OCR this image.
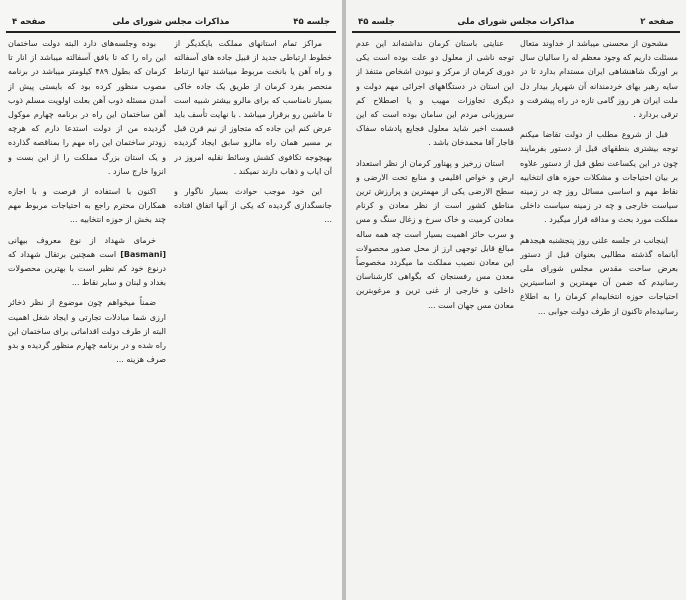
جلسه ۴۵
مذاکرات مجلس شورای ملی
صفحه ۴

مراکز تمام استانهای مملکت بایکدیگر از خطوط ارتباطی جدید از قبیل جاده های آسفالته و راه آهن یا بانخت مربوط میباشند تنها ارتباط منحصر بفرد کرمان از طریق یک جاده خاکی بسیار نامناسب که برای مالرو بیشتر شبیه است تا ماشین رو برقرار میباشد . با نهایت تأسف باید عرض کنم این جاده که متجاوز از نیم قرن قبل بر مسیر همان راه مالرو سابق ایجاد گردیده بهیچوجه تکافوی کشش وسائط نقلیه امروز در آن ایاب و ذهاب دارند نمیکند .

این خود موجب حوادث بسیار ناگوار و جانسگدازی گردیده که یکی از آنها اتفاق افتاده ...

بوده وجلسه‌های دارد البته دولت ساختمان این راه را که تا بافق آسفالته میباشد از انار تا کرمان که بطول ۴۸۹ کیلومتر میباشد در برنامه مصوب منظور کرده بود که بایستی پیش از آمدن مسئله ذوب آهن بعلت اولویت مسلم ذوب آهن ساختمان این راه در برنامه چهارم موکول گردیده من از دولت استدعا دارم که هرچه زودتر ساختمان این راه مهم را بمناقصه گذارده و یک استان بزرگ مملکت را از این بست و انزوا خارج سازد .

اکنون با استفاده از فرصت و با اجازه همکاران محترم راجع به احتیاجات مربوط مهم چند بخش از حوزه انتخابیه ...

خرمای شهداد از نوع معروف بیهانی [Basmani] است همچنین برتقال شهداد که درنوع خود کم نظیر است با بهترین محصولات بغداد و لبنان و سایر نقاط ...

ضمناً میخواهم چون موضوع از نظر ذخائر ارزی شما مبادلات تجارتی و ایجاد شغل اهمیت البته از طرف دولت اقداماتی برای ساختمان این راه شده و در برنامه چهارم منظور گردیده و بدو صرف هزینه ...

جلسه ۴۵	مذاکرات مجلس شورای ملی	صفحه ۲

مشحون از محسنی میباشد از خداوند متعال مسئلت داریم که وجود معظم له را سالیان سال بر اورنگ شاهنشاهی ایران مستدام بدارد تا در سایه رهبر بهای خردمندانه آن شهریار بیدار دل ملت ایران هر روز گامی تازه در راه پیشرفت و ترقی بردارد .

قبل از شروع مطلب از دولت تقاضا میکنم توجه بیشتری بنطقهای قبل از دستور بفرمایند چون در این یکساعت نطق قبل از دستور علاوه بر بیان احتیاجات و مشکلات حوزه های انتخابیه نقاط مهم و اساسی مسائل روز چه در زمینه سیاست خارجی و چه در زمینه سیاست داخلی مملکت مورد بحث و مداقه قرار میگیرد .

اینجانب در جلسه علنی روز پنجشنبه هیجدهم آبانماه گذشته مطالبی بعنوان قبل از دستور بعرض ساحت مقدس مجلس شورای ملی رسانیدم که ضمن آن مهمترین و اساسیترین احتیاجات حوزه انتخابیه‌ام کرمان را به اطلاع رسانیده‌ام تاکنون از طرف دولت جوابی ...

عنایتی باستان کرمان نداشته‌اند این عدم توجه ناشی از معلول دو علت بوده است یکی دوری کرمان از مرکز و نبودن اشخاص متنفذ از این استان در دستگاههای اجرائی مهم دولت و دیگری تجاوزات مهیب و یا اصطلاح کم سروزبانی مردم این سامان بوده است که این قسمت اخیر شاید معلول فجایع پادشاه سفاک قاجار آقا محمدخان باشد .

استان زرخیز و پهناور کرمان از نظر استعداد ارض و خواص اقلیمی و منابع تحت الارضی و سطح الارضی یکی از مهمترین و پرارزش ترین مناطق کشور است از نظر معادن و کرنام معادن کرمیت و خاک سرخ و زغال سنگ و مس و سرب حائز اهمیت بسیار است چه همه ساله مبالغ قابل توجهی ارز از محل صدور محصولات این معادن نصیب مملکت ما میگردد مخصوصاً معدن مس رفسنجان که بگواهی کارشناسان داخلی و خارجی از غنی ترین و مرغوبترین معادن مس جهان است ...
